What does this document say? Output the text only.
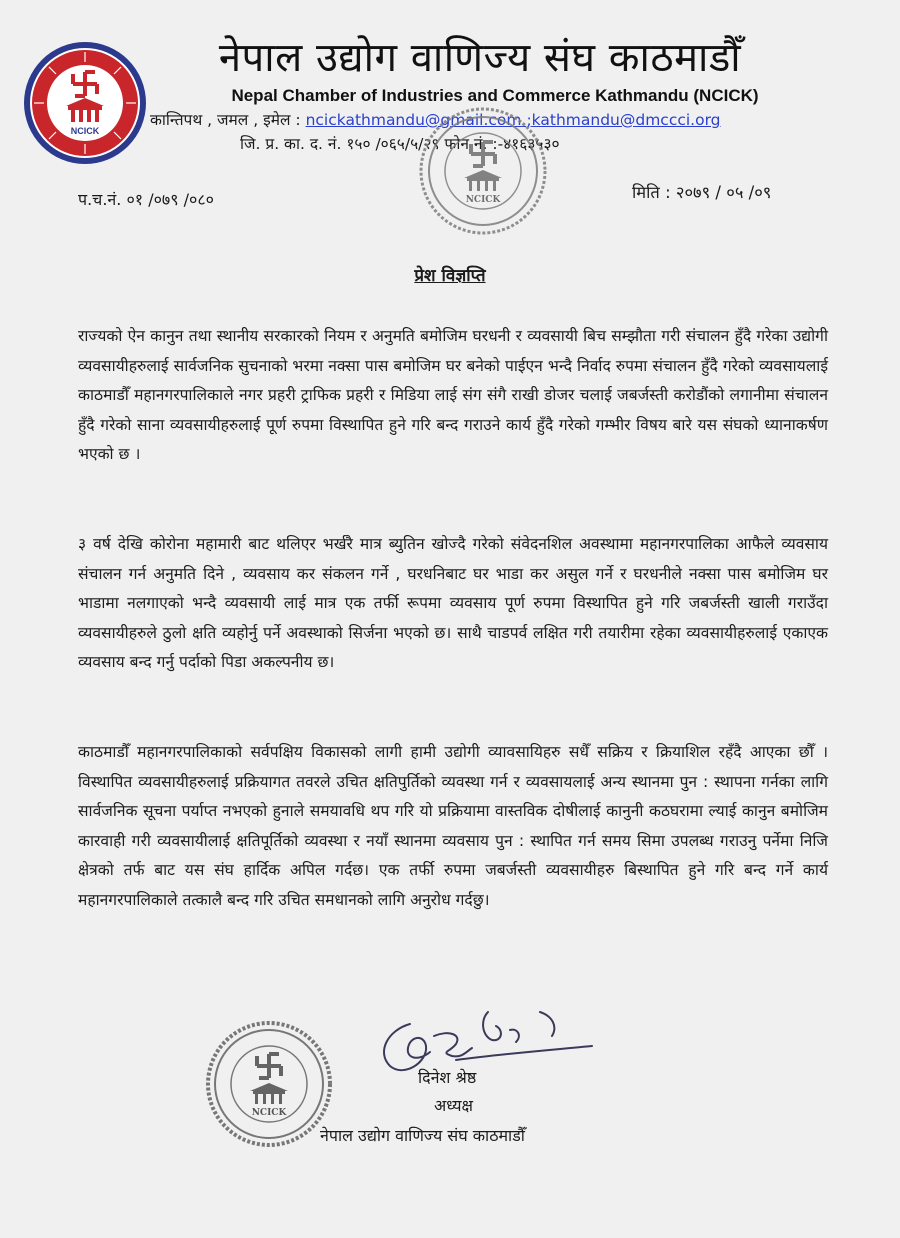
NCICK
नेपाल उद्योग वाणिज्य संघ काठमाडौँ
Nepal Chamber of Industries and Commerce Kathmandu (NCICK)
कान्तिपथ , जमल , इमेल : ncickathmandu@gmail.com ;kathmandu@dmccci.org
जि. प्र. का. द. नं. १५० /०६५/५/२९ फोन नं. :-४१६३५३०
NCICK
प.च.नं. ०१ /०७९ /०८०	मिति : २०७९ / ०५ /०९
प्रेश विज्ञप्ति
राज्यको ऐन कानुन तथा स्थानीय सरकारको नियम र अनुमति बमोजिम घरधनी र व्यवसायी बिच सम्झौता गरी संचालन हुँदै गरेका उद्योगी व्यवसायीहरुलाई सार्वजनिक सुचनाको भरमा नक्सा पास बमोजिम घर बनेको पाईएन भन्दै निर्वाद रुपमा संचालन हुँदै गरेको व्यवसायलाई काठमाडौँ महानगरपालिकाले नगर प्रहरी ट्राफिक प्रहरी र मिडिया लाई संग संगै राखी डोजर चलाई जबर्जस्ती करोडौंको लगानीमा संचालन हुँदै गरेको साना व्यवसायीहरुलाई पूर्ण रुपमा विस्थापित हुने गरि बन्द गराउने कार्य हुँदै गरेको गम्भीर विषय बारे यस संघको ध्यानाकर्षण भएको छ ।
३ वर्ष देखि कोरोना महामारी बाट थलिएर भर्खरै मात्र ब्युतिन खोज्दै गरेको संवेदनशिल अवस्थामा महानगरपालिका आफैले व्यवसाय संचालन गर्न अनुमति दिने , व्यवसाय कर संकलन गर्ने , घरधनिबाट घर भाडा कर असुल गर्ने र घरधनीले नक्सा पास बमोजिम घर भाडामा नलगाएको भन्दै व्यवसायी लाई मात्र एक तर्फी रूपमा व्यवसाय पूर्ण रुपमा विस्थापित हुने गरि जबर्जस्ती खाली गराउँदा व्यवसायीहरुले ठुलो क्षति व्यहोर्नु पर्ने अवस्थाको सिर्जना भएको छ। साथै चाडपर्व लक्षित गरी तयारीमा रहेका व्यवसायीहरुलाई एकाएक व्यवसाय बन्द गर्नु पर्दाको पिडा अकल्पनीय छ।
काठमाडौँ महानगरपालिकाको सर्वपक्षिय विकासको लागी हामी उद्योगी व्यावसायिहरु सधैँ सक्रिय र क्रियाशिल रहँदै आएका छौँ । विस्थापित व्यवसायीहरुलाई प्रक्रियागत तवरले उचित क्षतिपुर्तिको व्यवस्था गर्न र व्यवसायलाई अन्य स्थानमा पुन : स्थापना गर्नका लागि सार्वजनिक सूचना पर्याप्त नभएको हुनाले समयावधि थप गरि यो प्रक्रियामा वास्तविक दोषीलाई कानुनी कठघरामा ल्याई कानुन बमोजिम कारवाही गरी व्यवसायीलाई क्षतिपूर्तिको व्यवस्था र नयाँ स्थानमा व्यवसाय पुन : स्थापित गर्न समय सिमा उपलब्ध गराउनु पर्नेमा निजि क्षेत्रको तर्फ बाट यस संघ हार्दिक अपिल गर्दछ। एक तर्फी रुपमा जबर्जस्ती व्यवसायीहरु बिस्थापित हुने गरि बन्द गर्ने कार्य महानगरपालिकाले तत्कालै बन्द गरि उचित समधानको लागि अनुरोध गर्दछु।
NCICK
दिनेश श्रेष्ठ
अध्यक्ष
नेपाल उद्योग वाणिज्य संघ काठमाडौँ
